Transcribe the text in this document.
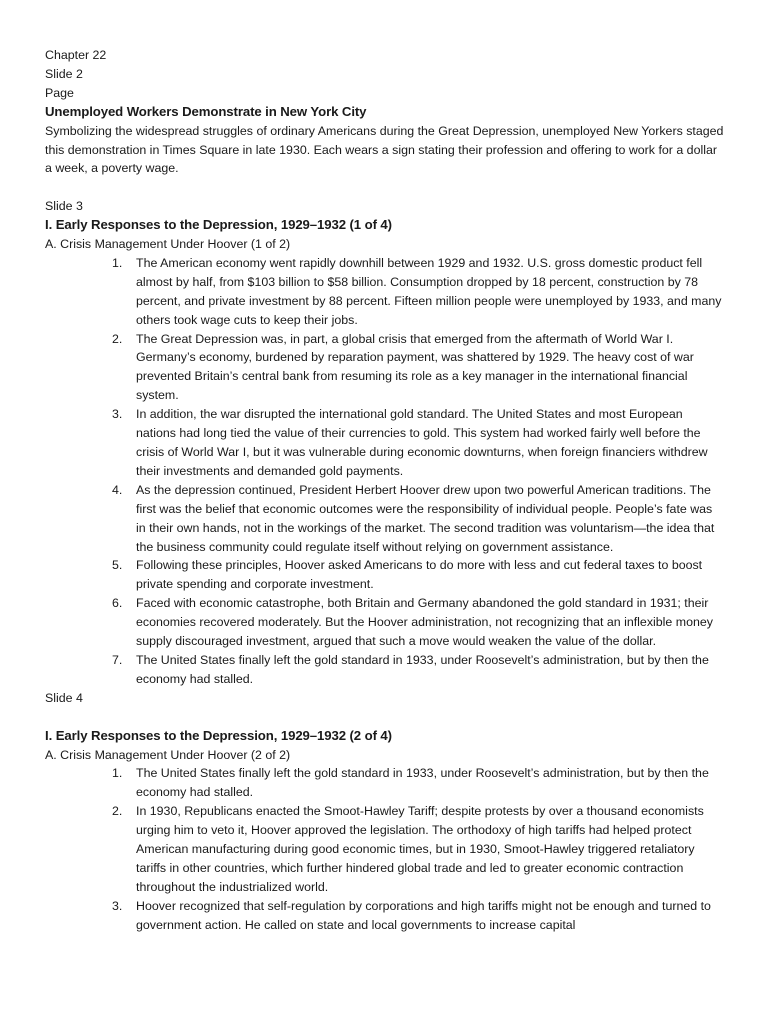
Chapter 22

Slide 2

Page

Unemployed Workers Demonstrate in New York City

Symbolizing the widespread struggles of ordinary Americans during the Great Depression, unemployed New Yorkers staged this demonstration in Times Square in late 1930. Each wears a sign stating their profession and offering to work for a dollar a week, a poverty wage.

Slide 3

I. Early Responses to the Depression, 1929–1932 (1 of 4)

A. Crisis Management Under Hoover (1 of 2)

1. The American economy went rapidly downhill between 1929 and 1932. U.S. gross domestic product fell almost by half, from $103 billion to $58 billion. Consumption dropped by 18 percent, construction by 78 percent, and private investment by 88 percent. Fifteen million people were unemployed by 1933, and many others took wage cuts to keep their jobs.
2. The Great Depression was, in part, a global crisis that emerged from the aftermath of World War I. Germany’s economy, burdened by reparation payment, was shattered by 1929. The heavy cost of war prevented Britain’s central bank from resuming its role as a key manager in the international financial system.
3. In addition, the war disrupted the international gold standard. The United States and most European nations had long tied the value of their currencies to gold. This system had worked fairly well before the crisis of World War I, but it was vulnerable during economic downturns, when foreign financiers withdrew their investments and demanded gold payments.
4. As the depression continued, President Herbert Hoover drew upon two powerful American traditions. The first was the belief that economic outcomes were the responsibility of individual people. People’s fate was in their own hands, not in the workings of the market. The second tradition was voluntarism—the idea that the business community could regulate itself without relying on government assistance.
5. Following these principles, Hoover asked Americans to do more with less and cut federal taxes to boost private spending and corporate investment.
6. Faced with economic catastrophe, both Britain and Germany abandoned the gold standard in 1931; their economies recovered moderately. But the Hoover administration, not recognizing that an inflexible money supply discouraged investment, argued that such a move would weaken the value of the dollar.
7. The United States finally left the gold standard in 1933, under Roosevelt’s administration, but by then the economy had stalled.

Slide 4

I. Early Responses to the Depression, 1929–1932 (2 of 4)

A. Crisis Management Under Hoover (2 of 2)

1. The United States finally left the gold standard in 1933, under Roosevelt’s administration, but by then the economy had stalled.
2. In 1930, Republicans enacted the Smoot-Hawley Tariff; despite protests by over a thousand economists urging him to veto it, Hoover approved the legislation. The orthodoxy of high tariffs had helped protect American manufacturing during good economic times, but in 1930, Smoot-Hawley triggered retaliatory tariffs in other countries, which further hindered global trade and led to greater economic contraction throughout the industrialized world.
3. Hoover recognized that self-regulation by corporations and high tariffs might not be enough and turned to government action. He called on state and local governments to increase capital
